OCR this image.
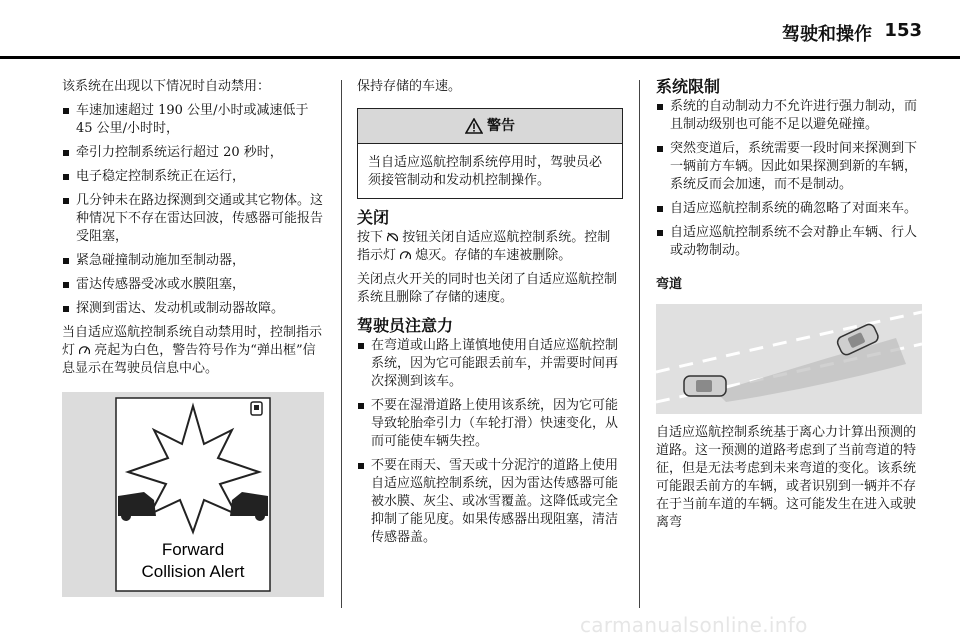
驾驶和操作 153

该系统在出现以下情况时自动禁用：

车速加速超过 190 公里/小时或减速低于 45 公里/小时时，
牵引力控制系统运行超过 20 秒时，
电子稳定控制系统正在运行，
几分钟未在路边探测到交通或其它物体。这种情况下不存在雷达回波，传感器可能报告受阻塞，
紧急碰撞制动施加至制动器，
雷达传感器受冰或水膜阻塞，
探测到雷达、发动机或制动器故障。

当自适应巡航控制系统自动禁用时，控制指示灯 亮起为白色，警告符号作为“弹出框”信息显示在驾驶员信息中心。

Forward
Collision Alert

保持存储的车速。

警告
当自适应巡航控制系统停用时，驾驶员必须接管制动和发动机控制操作。
关闭

按下 按钮关闭自适应巡航控制系统。控制指示灯 熄灭。存储的车速被删除。

关闭点火开关的同时也关闭了自适应巡航控制系统且删除了存储的速度。

驾驶员注意力
在弯道或山路上谨慎地使用自适应巡航控制系统，因为它可能跟丢前车，并需要时间再次探测到该车。
不要在湿滑道路上使用该系统，因为它可能导致轮胎牵引力（车轮打滑）快速变化，从而可能使车辆失控。
不要在雨天、雪天或十分泥泞的道路上使用自适应巡航控制系统，因为雷达传感器可能被水膜、灰尘、或冰雪覆盖。这降低或完全抑制了能见度。如果传感器出现阻塞，清洁传感器盖。
系统限制
系统的自动制动力不允许进行强力制动，而且制动级别也可能不足以避免碰撞。
突然变道后，系统需要一段时间来探测到下一辆前方车辆。因此如果探测到新的车辆，系统反而会加速，而不是制动。
自适应巡航控制系统的确忽略了对面来车。
自适应巡航控制系统不会对静止车辆、行人或动物制动。
弯道

自适应巡航控制系统基于离心力计算出预测的道路。这一预测的道路考虑到了当前弯道的特征，但是无法考虑到未来弯道的变化。该系统可能跟丢前方的车辆，或者识别到一辆并不存在于当前车道的车辆。这可能发生在进入或驶离弯

carmanualsonline.info
